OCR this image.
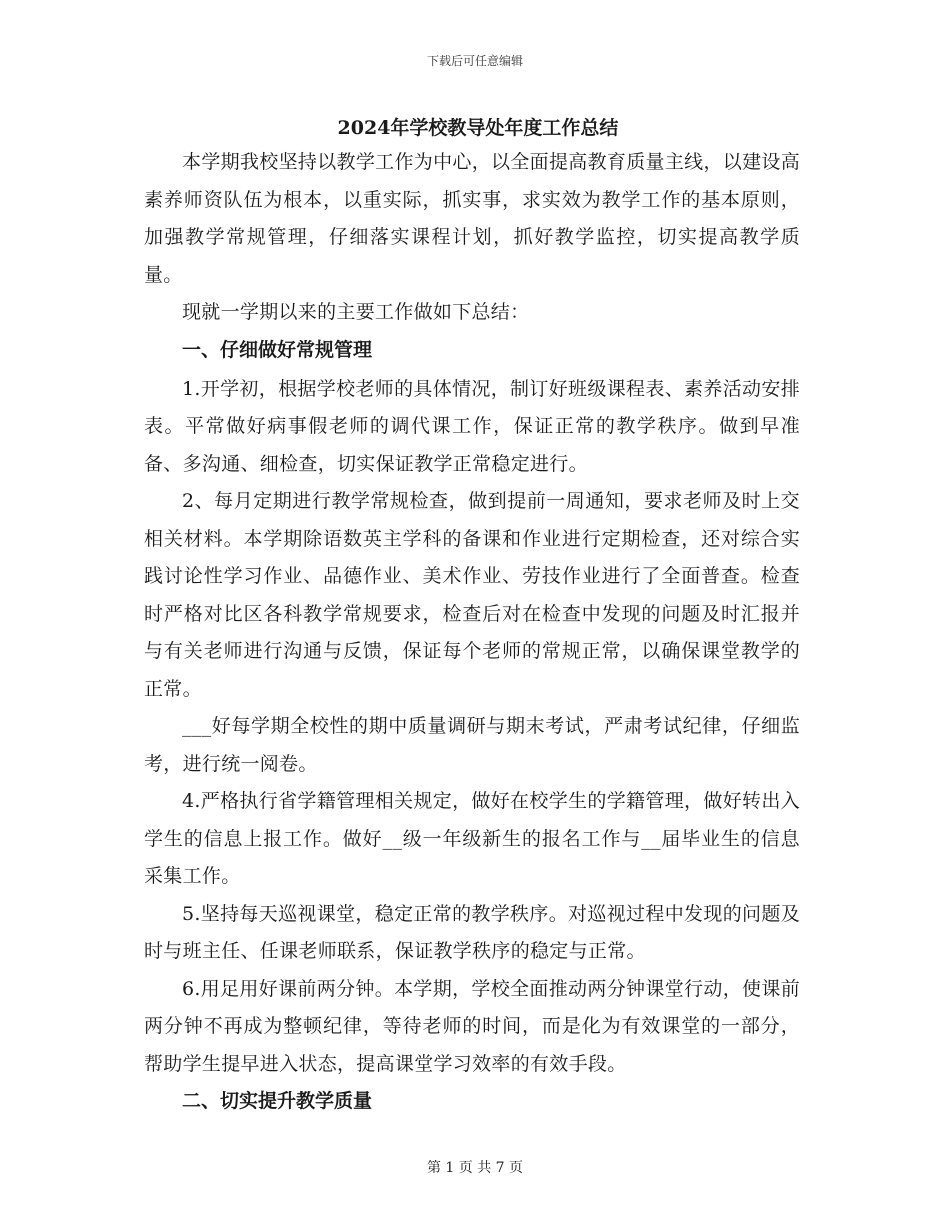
下载后可任意编辑
2024年学校教导处年度工作总结

本学期我校坚持以教学工作为中心，以全面提高教育质量主线，以建设高素养师资队伍为根本，以重实际，抓实事，求实效为教学工作的基本原则，加强教学常规管理，仔细落实课程计划，抓好教学监控，切实提高教学质量。

现就一学期以来的主要工作做如下总结：

一、仔细做好常规管理

1.开学初，根据学校老师的具体情况，制订好班级课程表、素养活动安排表。平常做好病事假老师的调代课工作，保证正常的教学秩序。做到早准备、多沟通、细检查，切实保证教学正常稳定进行。

2、每月定期进行教学常规检查，做到提前一周通知，要求老师及时上交相关材料。本学期除语数英主学科的备课和作业进行定期检查，还对综合实践讨论性学习作业、品德作业、美术作业、劳技作业进行了全面普查。检查时严格对比区各科教学常规要求，检查后对在检查中发现的问题及时汇报并与有关老师进行沟通与反馈，保证每个老师的常规正常，以确保课堂教学的正常。

___好每学期全校性的期中质量调研与期末考试，严肃考试纪律，仔细监考，进行统一阅卷。

4.严格执行省学籍管理相关规定，做好在校学生的学籍管理，做好转出入学生的信息上报工作。做好__级一年级新生的报名工作与__届毕业生的信息采集工作。

5.坚持每天巡视课堂，稳定正常的教学秩序。对巡视过程中发现的问题及时与班主任、任课老师联系，保证教学秩序的稳定与正常。

6.用足用好课前两分钟。本学期，学校全面推动两分钟课堂行动，使课前两分钟不再成为整顿纪律，等待老师的时间，而是化为有效课堂的一部分，帮助学生提早进入状态，提高课堂学习效率的有效手段。

二、切实提升教学质量
第 1 页 共 7 页
